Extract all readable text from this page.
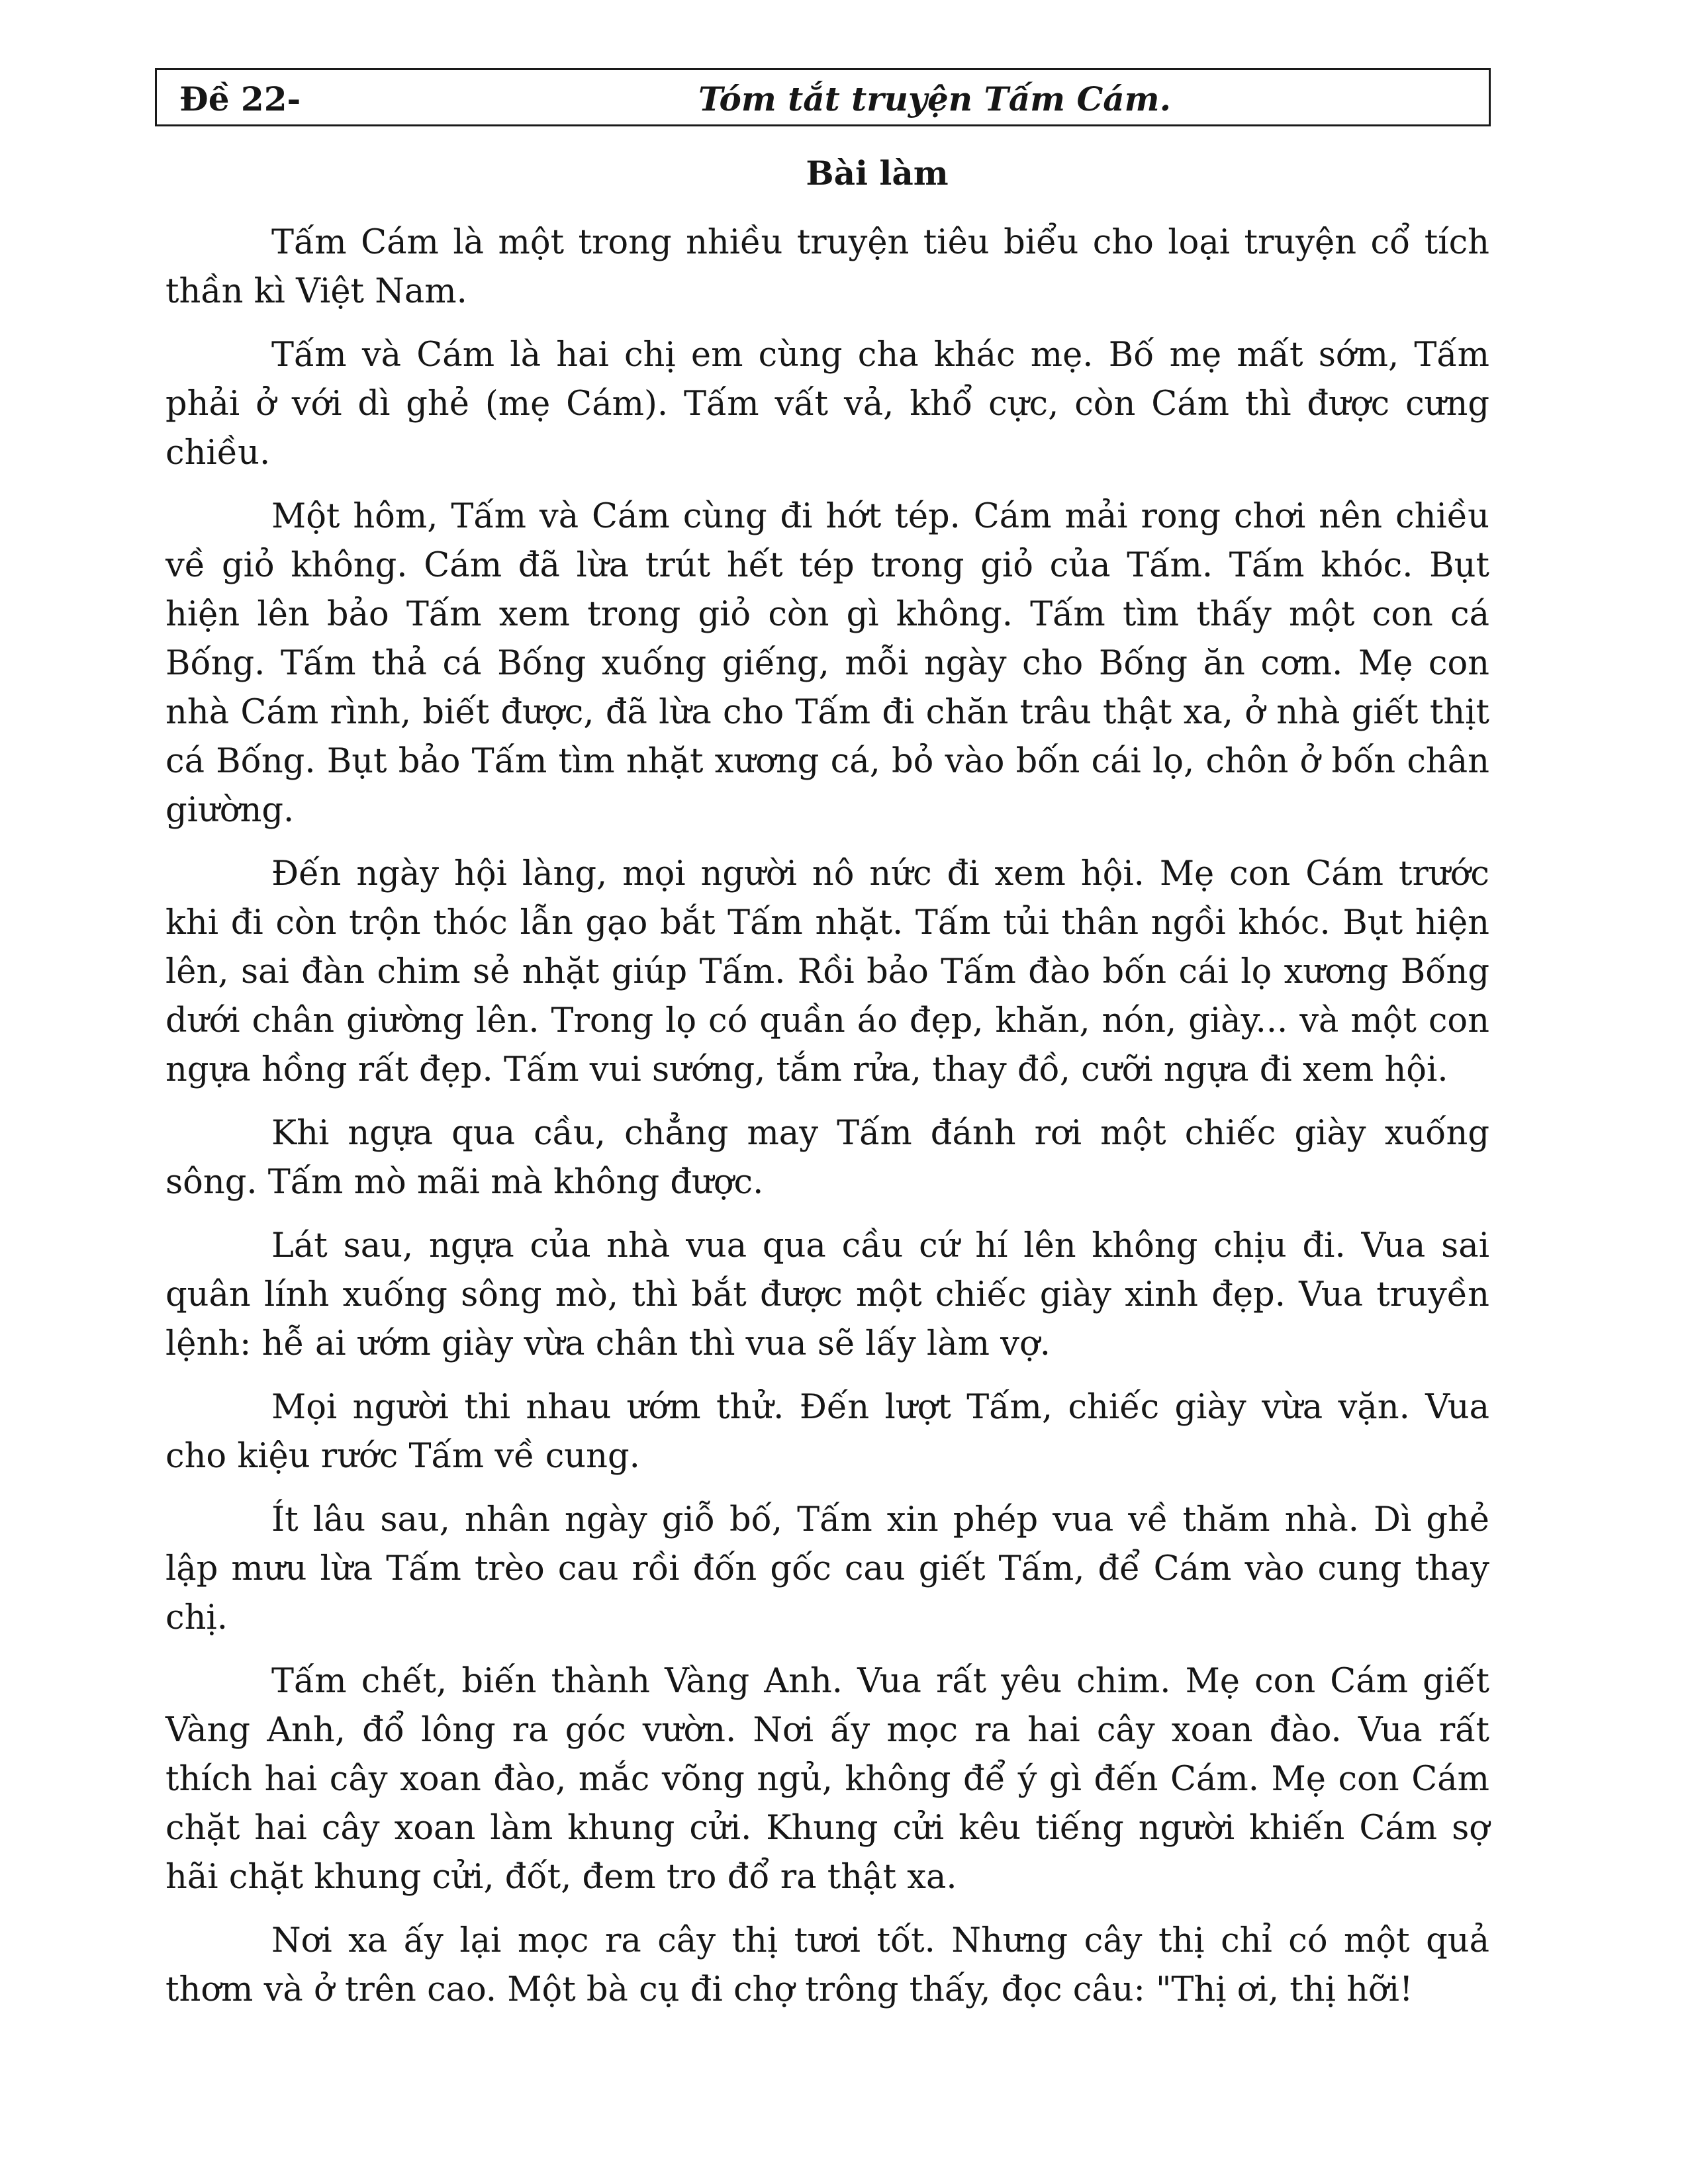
Đề 22-	Tóm tắt truyện Tấm Cám.
Bài làm

Tấm Cám là một trong nhiều truyện tiêu biểu cho loại truyện cổ tích thần kì Việt Nam.

Tấm và Cám là hai chị em cùng cha khác mẹ. Bố mẹ mất sớm, Tấm phải ở với dì ghẻ (mẹ Cám). Tấm vất vả, khổ cực, còn Cám thì được cưng chiều.

Một hôm, Tấm và Cám cùng đi hớt tép. Cám mải rong chơi nên chiều về giỏ không. Cám đã lừa trút hết tép trong giỏ của Tấm. Tấm khóc. Bụt hiện lên bảo Tấm xem trong giỏ còn gì không. Tấm tìm thấy một con cá Bống. Tấm thả cá Bống xuống giếng, mỗi ngày cho Bống ăn cơm. Mẹ con nhà Cám rình, biết được, đã lừa cho Tấm đi chăn trâu thật xa, ở nhà giết thịt cá Bống. Bụt bảo Tấm tìm nhặt xương cá, bỏ vào bốn cái lọ, chôn ở bốn chân giường.

Đến ngày hội làng, mọi người nô nức đi xem hội. Mẹ con Cám trước khi đi còn trộn thóc lẫn gạo bắt Tấm nhặt. Tấm tủi thân ngồi khóc. Bụt hiện lên, sai đàn chim sẻ nhặt giúp Tấm. Rồi bảo Tấm đào bốn cái lọ xương Bống dưới chân giường lên. Trong lọ có quần áo đẹp, khăn, nón, giày... và một con ngựa hồng rất đẹp. Tấm vui sướng, tắm rửa, thay đồ, cưỡi ngựa đi xem hội.

Khi ngựa qua cầu, chẳng may Tấm đánh rơi một chiếc giày xuống sông. Tấm mò mãi mà không được.

Lát sau, ngựa của nhà vua qua cầu cứ hí lên không chịu đi. Vua sai quân lính xuống sông mò, thì bắt được một chiếc giày xinh đẹp. Vua truyền lệnh: hễ ai ướm giày vừa chân thì vua sẽ lấy làm vợ.

Mọi người thi nhau ướm thử. Đến lượt Tấm, chiếc giày vừa vặn. Vua cho kiệu rước Tấm về cung.

Ít lâu sau, nhân ngày giỗ bố, Tấm xin phép vua về thăm nhà. Dì ghẻ lập mưu lừa Tấm trèo cau rồi đốn gốc cau giết Tấm, để Cám vào cung thay chị.

Tấm chết, biến thành Vàng Anh. Vua rất yêu chim. Mẹ con Cám giết Vàng Anh, đổ lông ra góc vườn. Nơi ấy mọc ra hai cây xoan đào. Vua rất thích hai cây xoan đào, mắc võng ngủ, không để ý gì đến Cám. Mẹ con Cám chặt hai cây xoan làm khung cửi. Khung cửi kêu tiếng người khiến Cám sợ hãi chặt khung cửi, đốt, đem tro đổ ra thật xa.

Nơi xa ấy lại mọc ra cây thị tươi tốt. Nhưng cây thị chỉ có một quả thơm và ở trên cao. Một bà cụ đi chợ trông thấy, đọc câu: "Thị ơi, thị hỡi!
